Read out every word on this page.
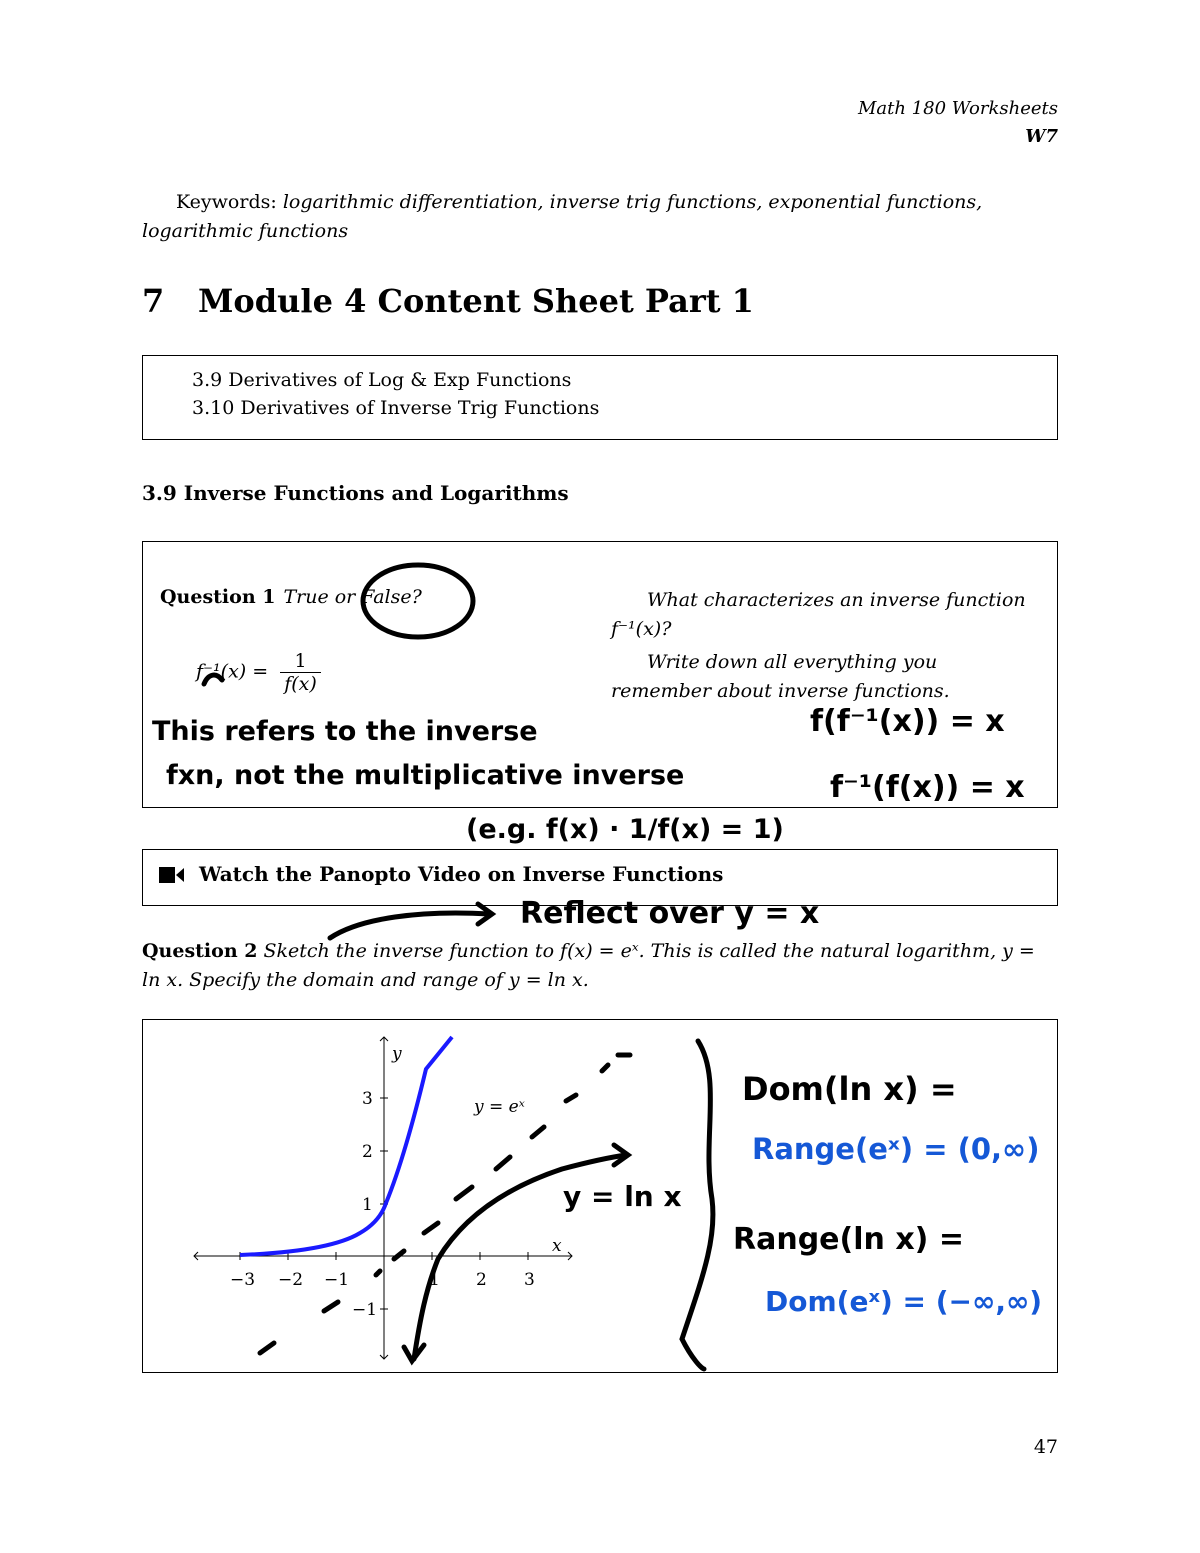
Math 180 Worksheets
W7
Keywords: logarithmic differentiation, inverse trig functions, exponential functions, logarithmic functions
7 Module 4 Content Sheet Part 1
3.9 Derivatives of Log & Exp Functions
3.10 Derivatives of Inverse Trig Functions
3.9 Inverse Functions and Logarithms
Question 1 True or False?
$f^{-1}(x) = \frac{1}{f(x)}$
What characterizes an inverse function f⁻¹(x)?
Write down all everything you remember about inverse functions.
Watch the Panopto Video on Inverse Functions
Question 2 Sketch the inverse function to f(x) = eˣ. This is called the natural logarithm, y = ln x. Specify the domain and range of y = ln x.
−3 −2 −1	1 2 3
3
2
1
−1
y
x
y = eˣ
This refers to the inverse
fxn, not the multiplicative inverse
(e.g. f(x) · 1/f(x) = 1)
f(f⁻¹(x)) = x
f⁻¹(f(x)) = x
Reflect over y = x
y = ln x
Dom(ln x) =
Range(eˣ) = (0,∞)
Range(ln x) =
Dom(eˣ) = (−∞,∞)
47
